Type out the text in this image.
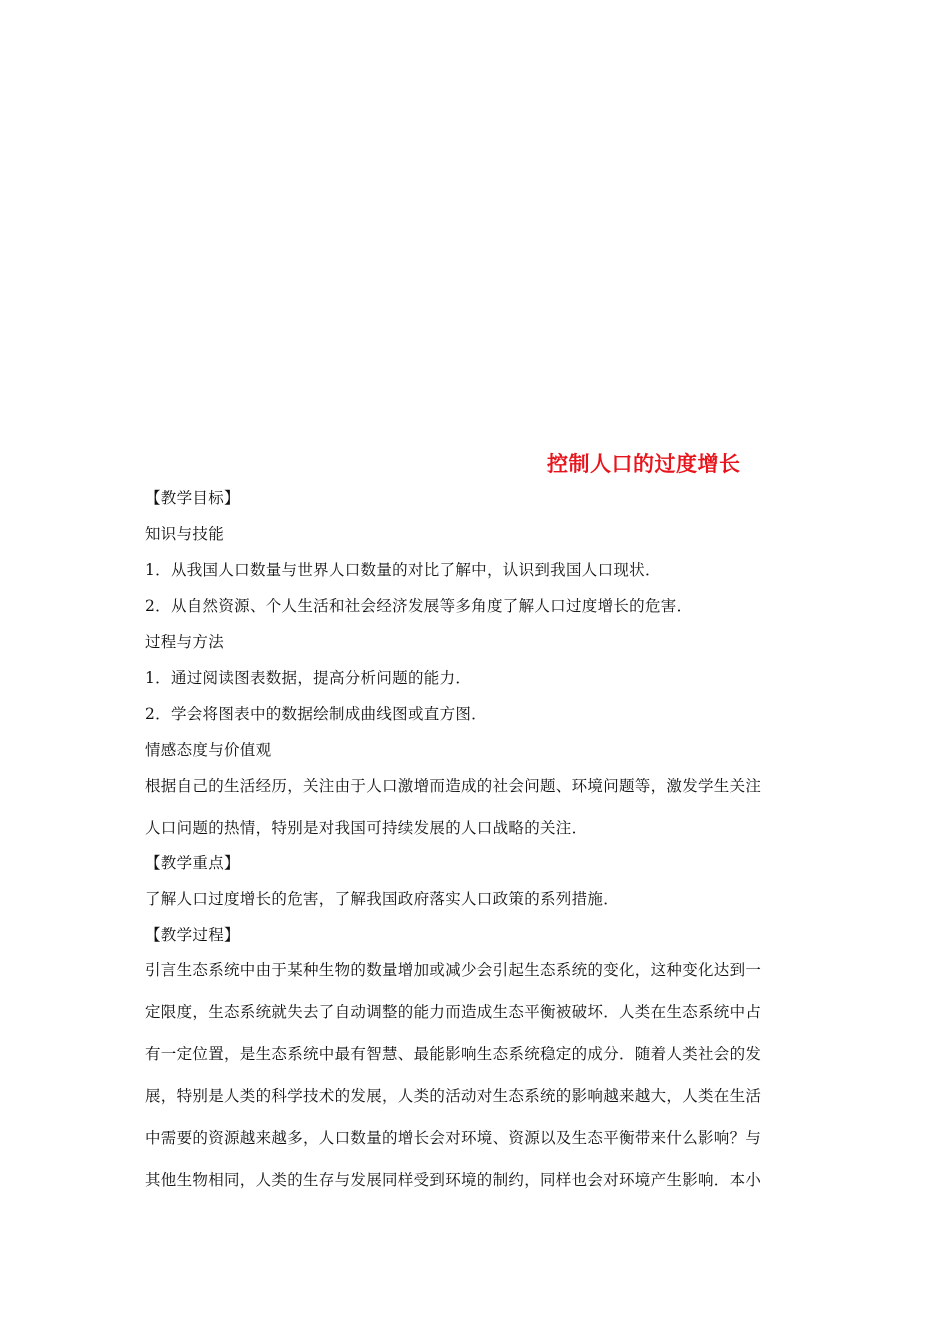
控制人口的过度增长
【教学目标】
知识与技能
1．从我国人口数量与世界人口数量的对比了解中，认识到我国人口现状．
2．从自然资源、个人生活和社会经济发展等多角度了解人口过度增长的危害．
过程与方法
1．通过阅读图表数据，提高分析问题的能力．
2．学会将图表中的数据绘制成曲线图或直方图．
情感态度与价值观
根据自己的生活经历，关注由于人口激增而造成的社会问题、环境问题等，激发学生关注
人口问题的热情，特别是对我国可持续发展的人口战略的关注．
【教学重点】
了解人口过度增长的危害，了解我国政府落实人口政策的系列措施．
【教学过程】
引言生态系统中由于某种生物的数量增加或减少会引起生态系统的变化，这种变化达到一
定限度，生态系统就失去了自动调整的能力而造成生态平衡被破坏．人类在生态系统中占
有一定位置，是生态系统中最有智慧、最能影响生态系统稳定的成分．随着人类社会的发
展，特别是人类的科学技术的发展，人类的活动对生态系统的影响越来越大，人类在生活
中需要的资源越来越多，人口数量的增长会对环境、资源以及生态平衡带来什么影响？与
其他生物相同，人类的生存与发展同样受到环境的制约，同样也会对环境产生影响．本小
